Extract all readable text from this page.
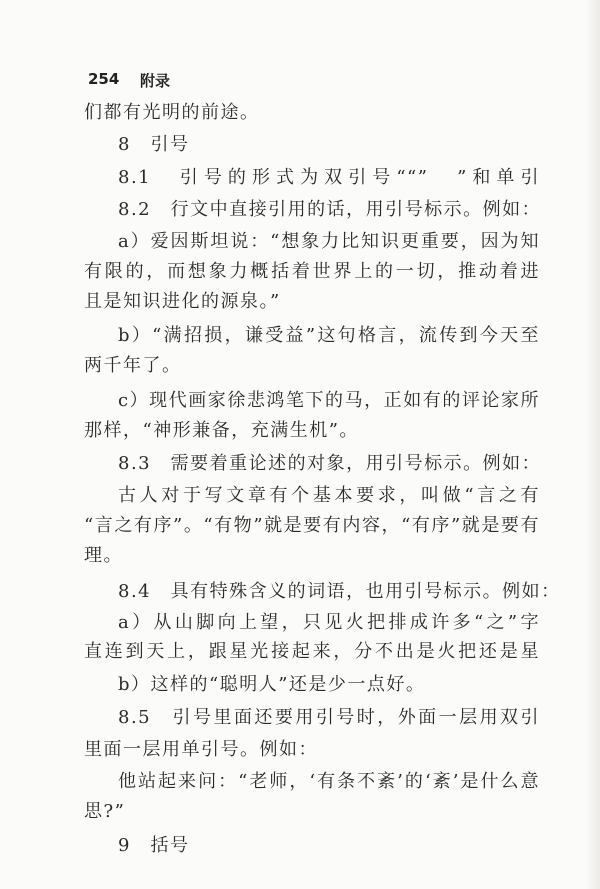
254 附录
们都有光明的前途。
8　引号
8.1　引号的形式为双引号““”　”和单引
8.2　行文中直接引用的话，用引号标示。例如：
a）爱因斯坦说：“想象力比知识更重要，因为知
有限的，而想象力概括着世界上的一切，推动着进
且是知识进化的源泉。”
b）“满招损，谦受益”这句格言，流传到今天至
两千年了。
c）现代画家徐悲鸿笔下的马，正如有的评论家所
那样，“神形兼备，充满生机”。
8.3　需要着重论述的对象，用引号标示。例如：
古人对于写文章有个基本要求，叫做“言之有
“言之有序”。“有物”就是要有内容，“有序”就是要有
理。
8.4　具有特殊含义的词语，也用引号标示。例如：
a）从山脚向上望，只见火把排成许多“之”字
直连到天上，跟星光接起来，分不出是火把还是星
b）这样的“聪明人”还是少一点好。
8.5　引号里面还要用引号时，外面一层用双引
里面一层用单引号。例如：
他站起来问：“老师，‘有条不紊’的‘紊’是什么意
思?”
9　括号
